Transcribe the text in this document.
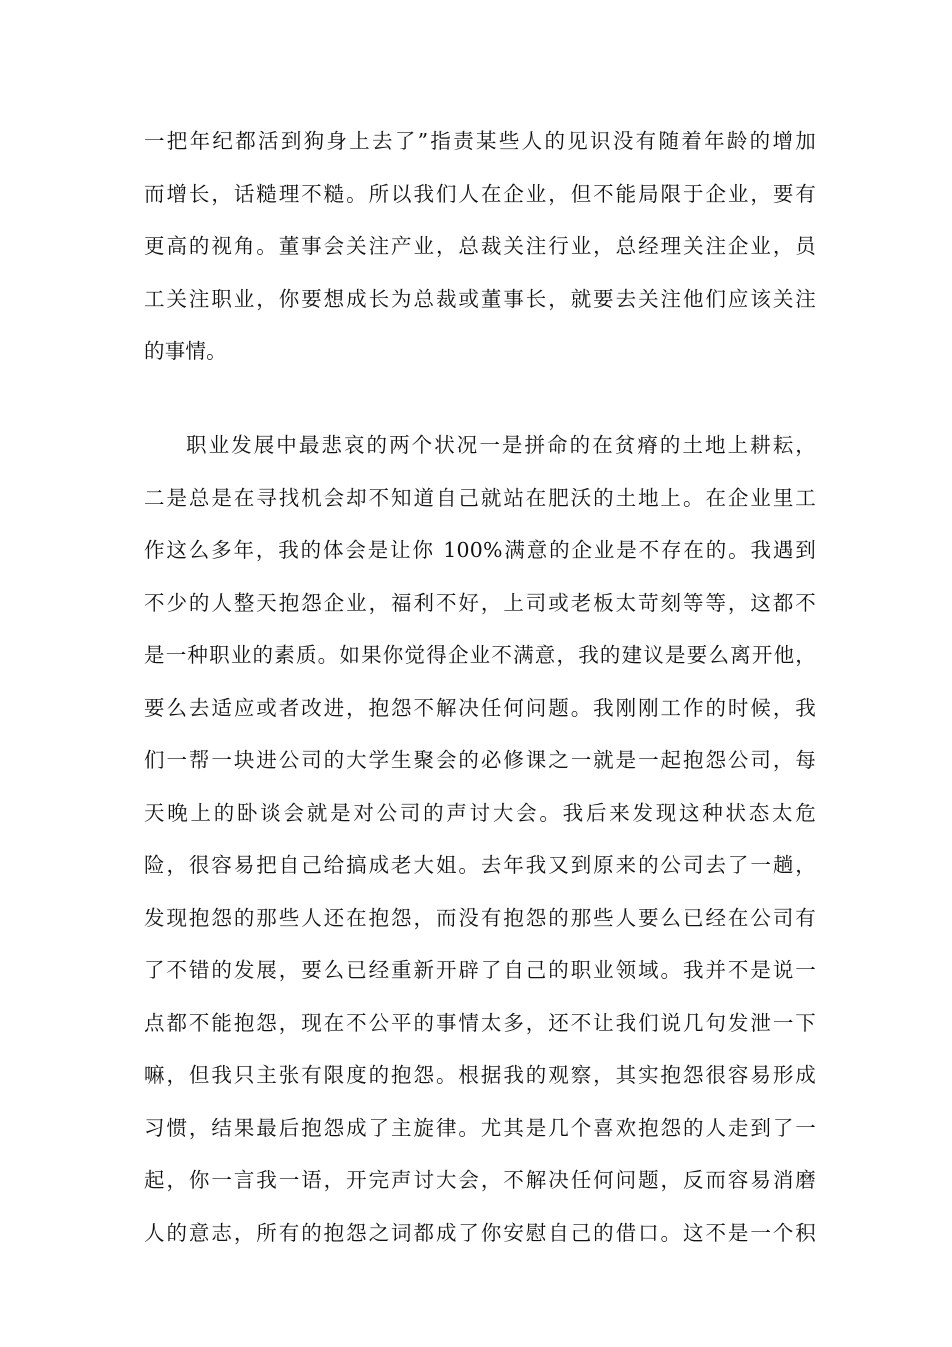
一把年纪都活到狗身上去了”指责某些人的见识没有随着年龄的增加
而增长，话糙理不糙。所以我们人在企业，但不能局限于企业，要有
更高的视角。董事会关注产业，总裁关注行业，总经理关注企业，员
工关注职业，你要想成长为总裁或董事长，就要去关注他们应该关注
的事情。
职业发展中最悲哀的两个状况一是拼命的在贫瘠的土地上耕耘，
二是总是在寻找机会却不知道自己就站在肥沃的土地上。在企业里工
作这么多年，我的体会是让你 100%满意的企业是不存在的。我遇到
不少的人整天抱怨企业，福利不好，上司或老板太苛刻等等，这都不
是一种职业的素质。如果你觉得企业不满意，我的建议是要么离开他，
要么去适应或者改进，抱怨不解决任何问题。我刚刚工作的时候，我
们一帮一块进公司的大学生聚会的必修课之一就是一起抱怨公司，每
天晚上的卧谈会就是对公司的声讨大会。我后来发现这种状态太危
险，很容易把自己给搞成老大姐。去年我又到原来的公司去了一趟，
发现抱怨的那些人还在抱怨，而没有抱怨的那些人要么已经在公司有
了不错的发展，要么已经重新开辟了自己的职业领域。我并不是说一
点都不能抱怨，现在不公平的事情太多，还不让我们说几句发泄一下
嘛，但我只主张有限度的抱怨。根据我的观察，其实抱怨很容易形成
习惯，结果最后抱怨成了主旋律。尤其是几个喜欢抱怨的人走到了一
起，你一言我一语，开完声讨大会，不解决任何问题，反而容易消磨
人的意志，所有的抱怨之词都成了你安慰自己的借口。这不是一个积
